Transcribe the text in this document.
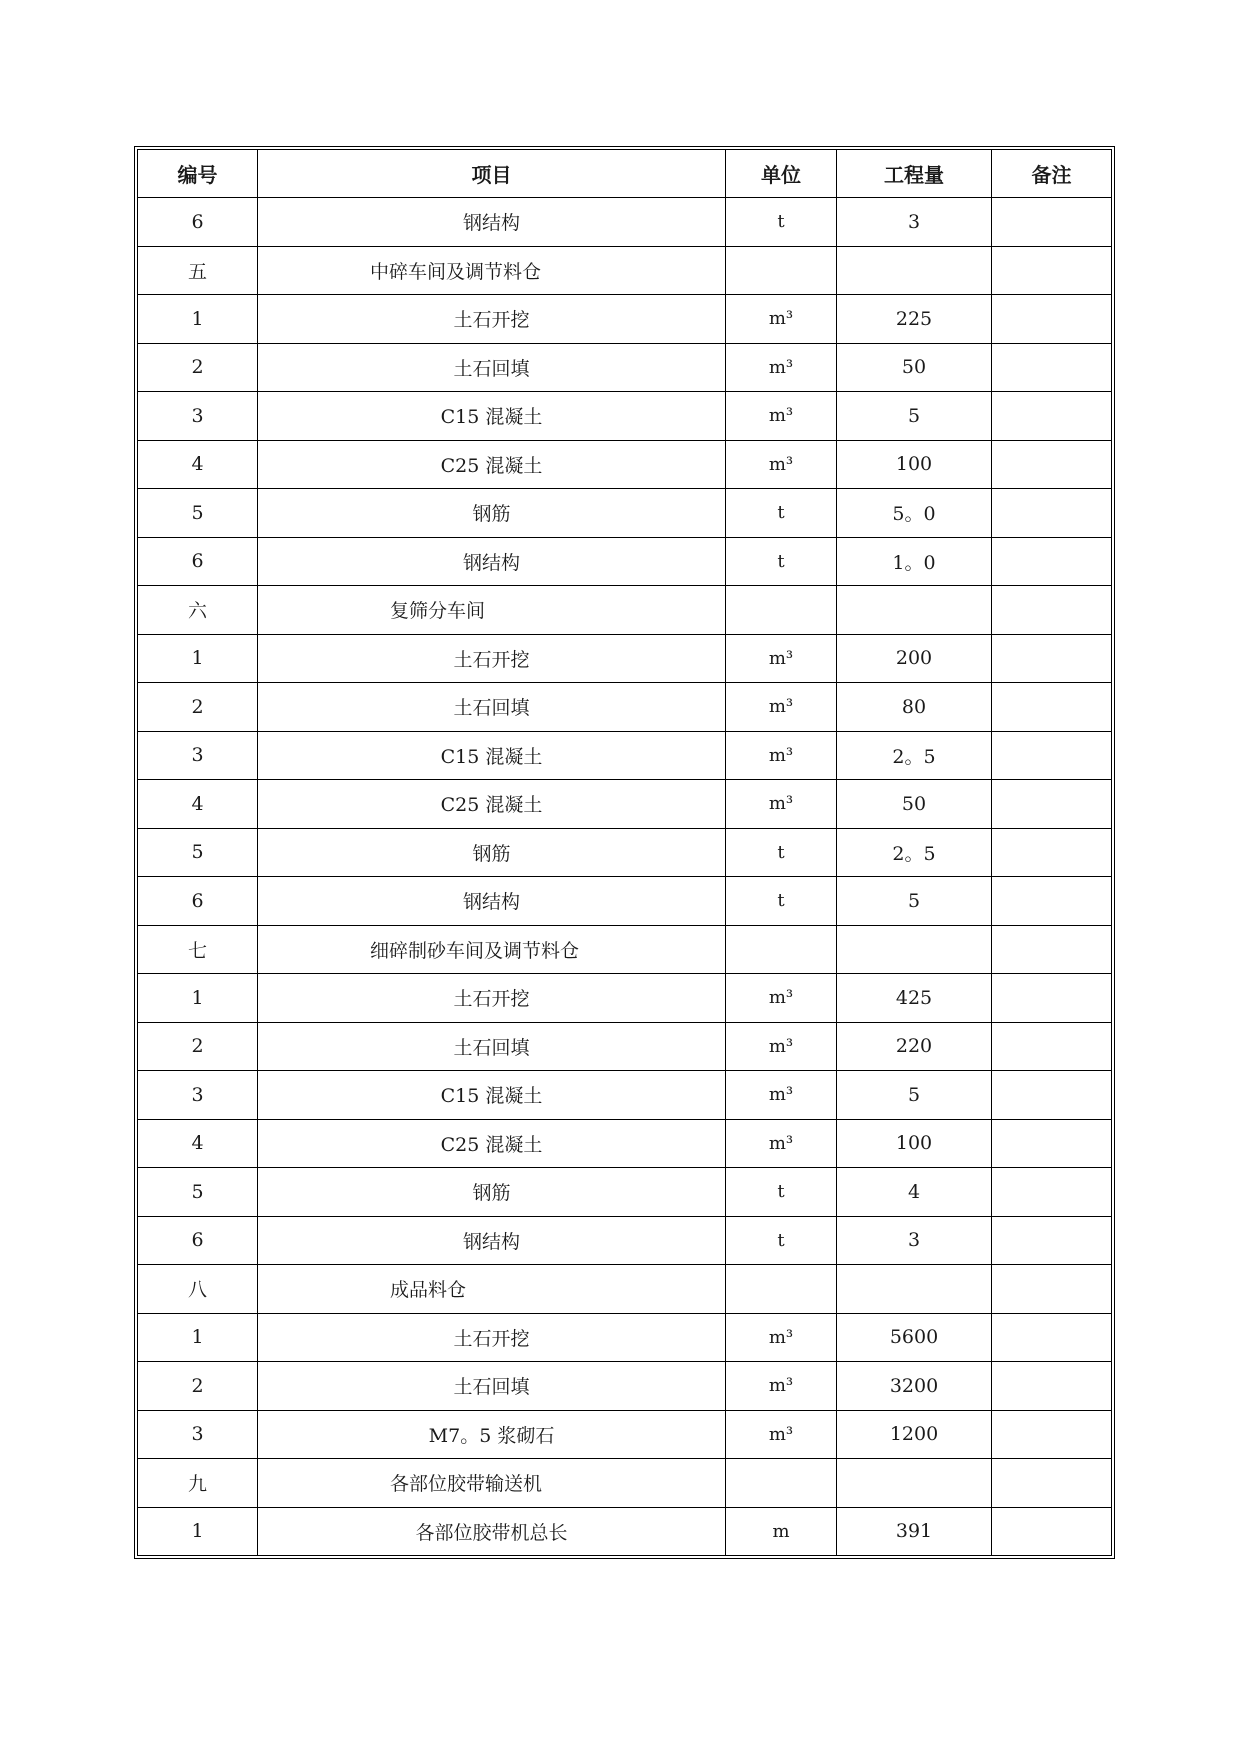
编号	项目	单位	工程量	备注
6	钢结构	t	3	
五	中碎车间及调节料仓			
1	土石开挖	m³	225	
2	土石回填	m³	50	
3	C15 混凝土	m³	5	
4	C25 混凝土	m³	100	
5	钢筋	t	5。0	
6	钢结构	t	1。0	
六	复筛分车间			
1	土石开挖	m³	200	
2	土石回填	m³	80	
3	C15 混凝土	m³	2。5	
4	C25 混凝土	m³	50	
5	钢筋	t	2。5	
6	钢结构	t	5	
七	细碎制砂车间及调节料仓			
1	土石开挖	m³	425	
2	土石回填	m³	220	
3	C15 混凝土	m³	5	
4	C25 混凝土	m³	100	
5	钢筋	t	4	
6	钢结构	t	3	
八	成品料仓			
1	土石开挖	m³	5600	
2	土石回填	m³	3200	
3	M7。5 浆砌石	m³	1200	
九	各部位胶带输送机			
1	各部位胶带机总长	m	391	
